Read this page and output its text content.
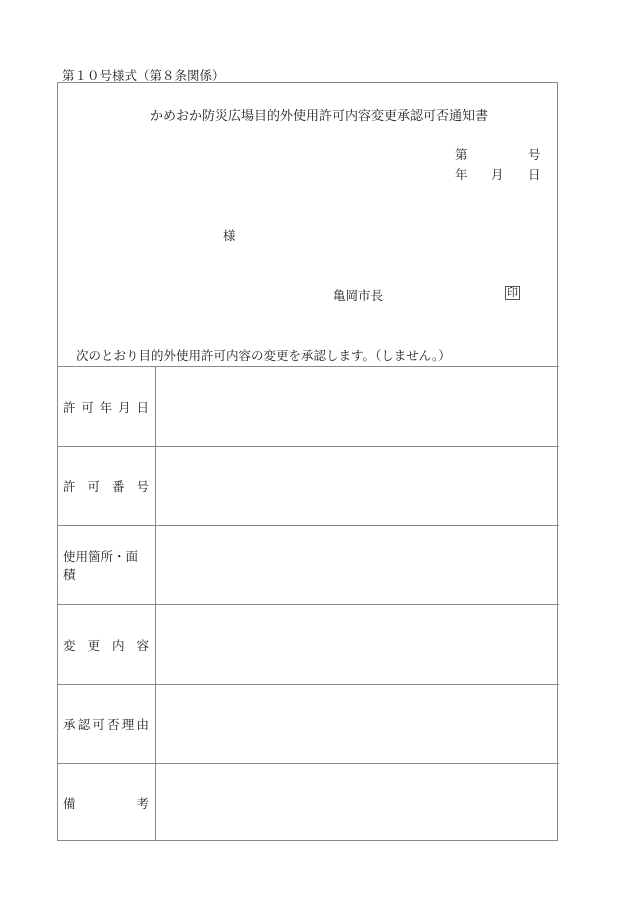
第１０号様式（第８条関係）
かめおか防災広場目的外使用許可内容変更承認可否通知書
第	号
年 月 日
様
亀岡市長	印
次のとおり目的外使用許可内容の変更を承認します。（しません。）
許 可 年 月 日
許 可 番 号
使用箇所・面積
変 更 内 容
承 認 可 否 理 由
備	考
